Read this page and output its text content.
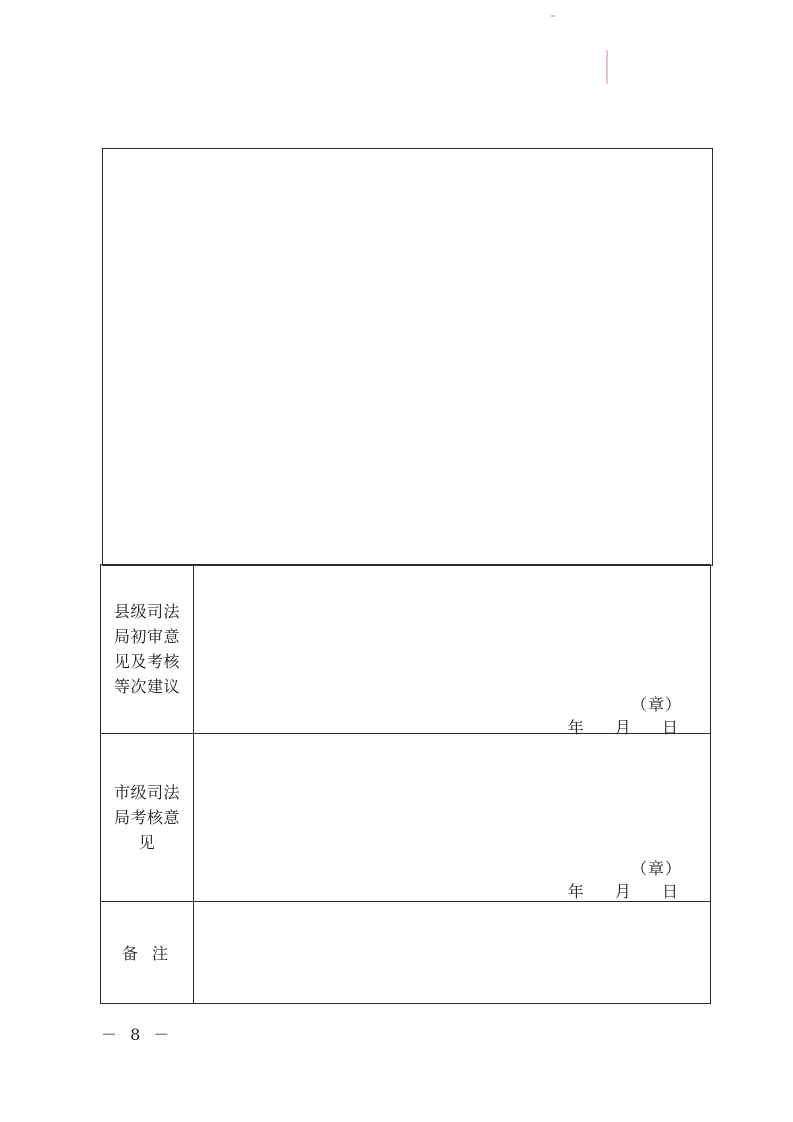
县级司法局初审意见及考核等次建议
（章）
年 月 日
市级司法局考核意见
（章）
年 月 日
备注
－ 8 －
